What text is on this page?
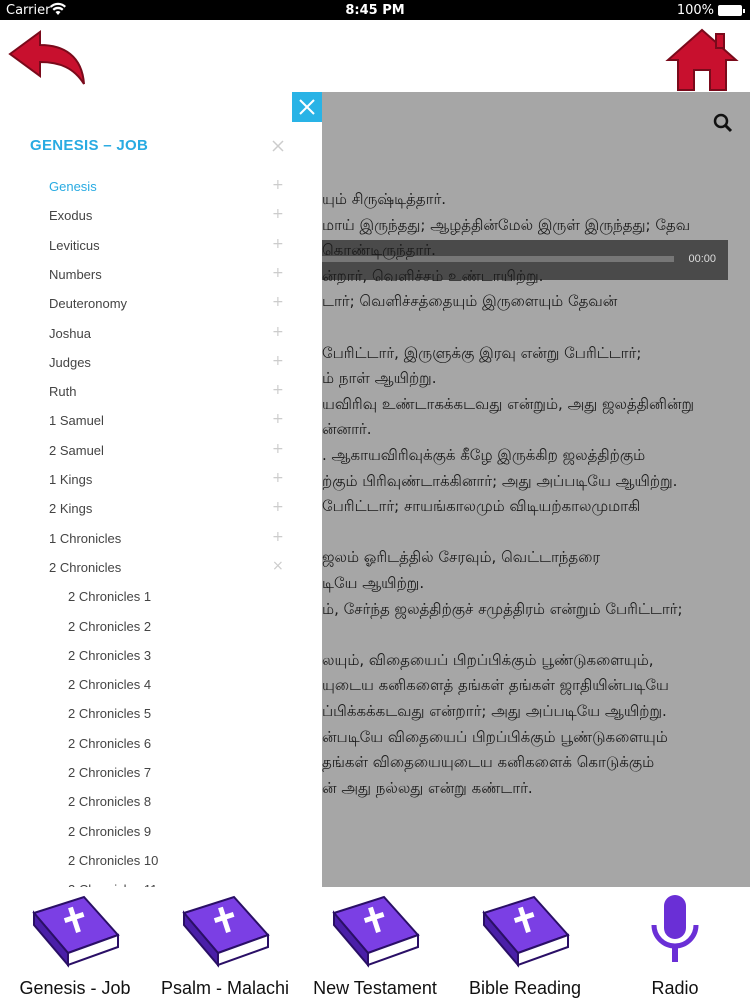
Carrier	8:45 PM	100%
00:00
யும் சிருஷ்டித்தார்.
மாய் இருந்தது; ஆழத்தின்மேல் இருள் இருந்தது; தேவ
கொண்டிருந்தார்.
ன்றார், வெளிச்சம் உண்டாயிற்று.
டார்; வெளிச்சத்தையும் இருளையும் தேவன்
பேரிட்டார், இருளுக்கு இரவு என்று பேரிட்டார்;
ம் நாள் ஆயிற்று.
யவிரிவு உண்டாகக்கடவது என்றும், அது ஜலத்தினின்று
ன்னார்.
. ஆகாயவிரிவுக்குக் கீழே இருக்கிற ஜலத்திற்கும்
ற்கும் பிரிவுண்டாக்கினார்; அது அப்படியே ஆயிற்று.
பேரிட்டார்; சாயங்காலமும் விடியற்காலமுமாகி
ஜலம் ஓரிடத்தில் சேரவும், வெட்டாந்தரை
டியே ஆயிற்று.
ம், சேர்ந்த ஜலத்திற்குச் சமுத்திரம் என்றும் பேரிட்டார்;
லயும், விதையைப் பிறப்பிக்கும் பூண்டுகளையும்,
யுடைய கனிகளைத் தங்கள் தங்கள் ஜாதியின்படியே
ப்பிக்கக்கடவது என்றார்; அது அப்படியே ஆயிற்று.
ன்படியே விதையைப் பிறப்பிக்கும் பூண்டுகளையும்
தங்கள் விதையையுடைய கனிகளைக் கொடுக்கும்
ன் அது நல்லது என்று கண்டார்.
GENESIS – JOB
Genesis	+
Exodus	+
Leviticus	+
Numbers	+
Deuteronomy	+
Joshua	+
Judges	+
Ruth	+
1 Samuel	+
2 Samuel	+
1 Kings	+
2 Kings	+
1 Chronicles	+
2 Chronicles	×
2 Chronicles 1
2 Chronicles 2
2 Chronicles 3
2 Chronicles 4
2 Chronicles 5
2 Chronicles 6
2 Chronicles 7
2 Chronicles 8
2 Chronicles 9
2 Chronicles 10
Genesis - Job	Psalm - Malachi	New Testament	Bible Reading	Radio
